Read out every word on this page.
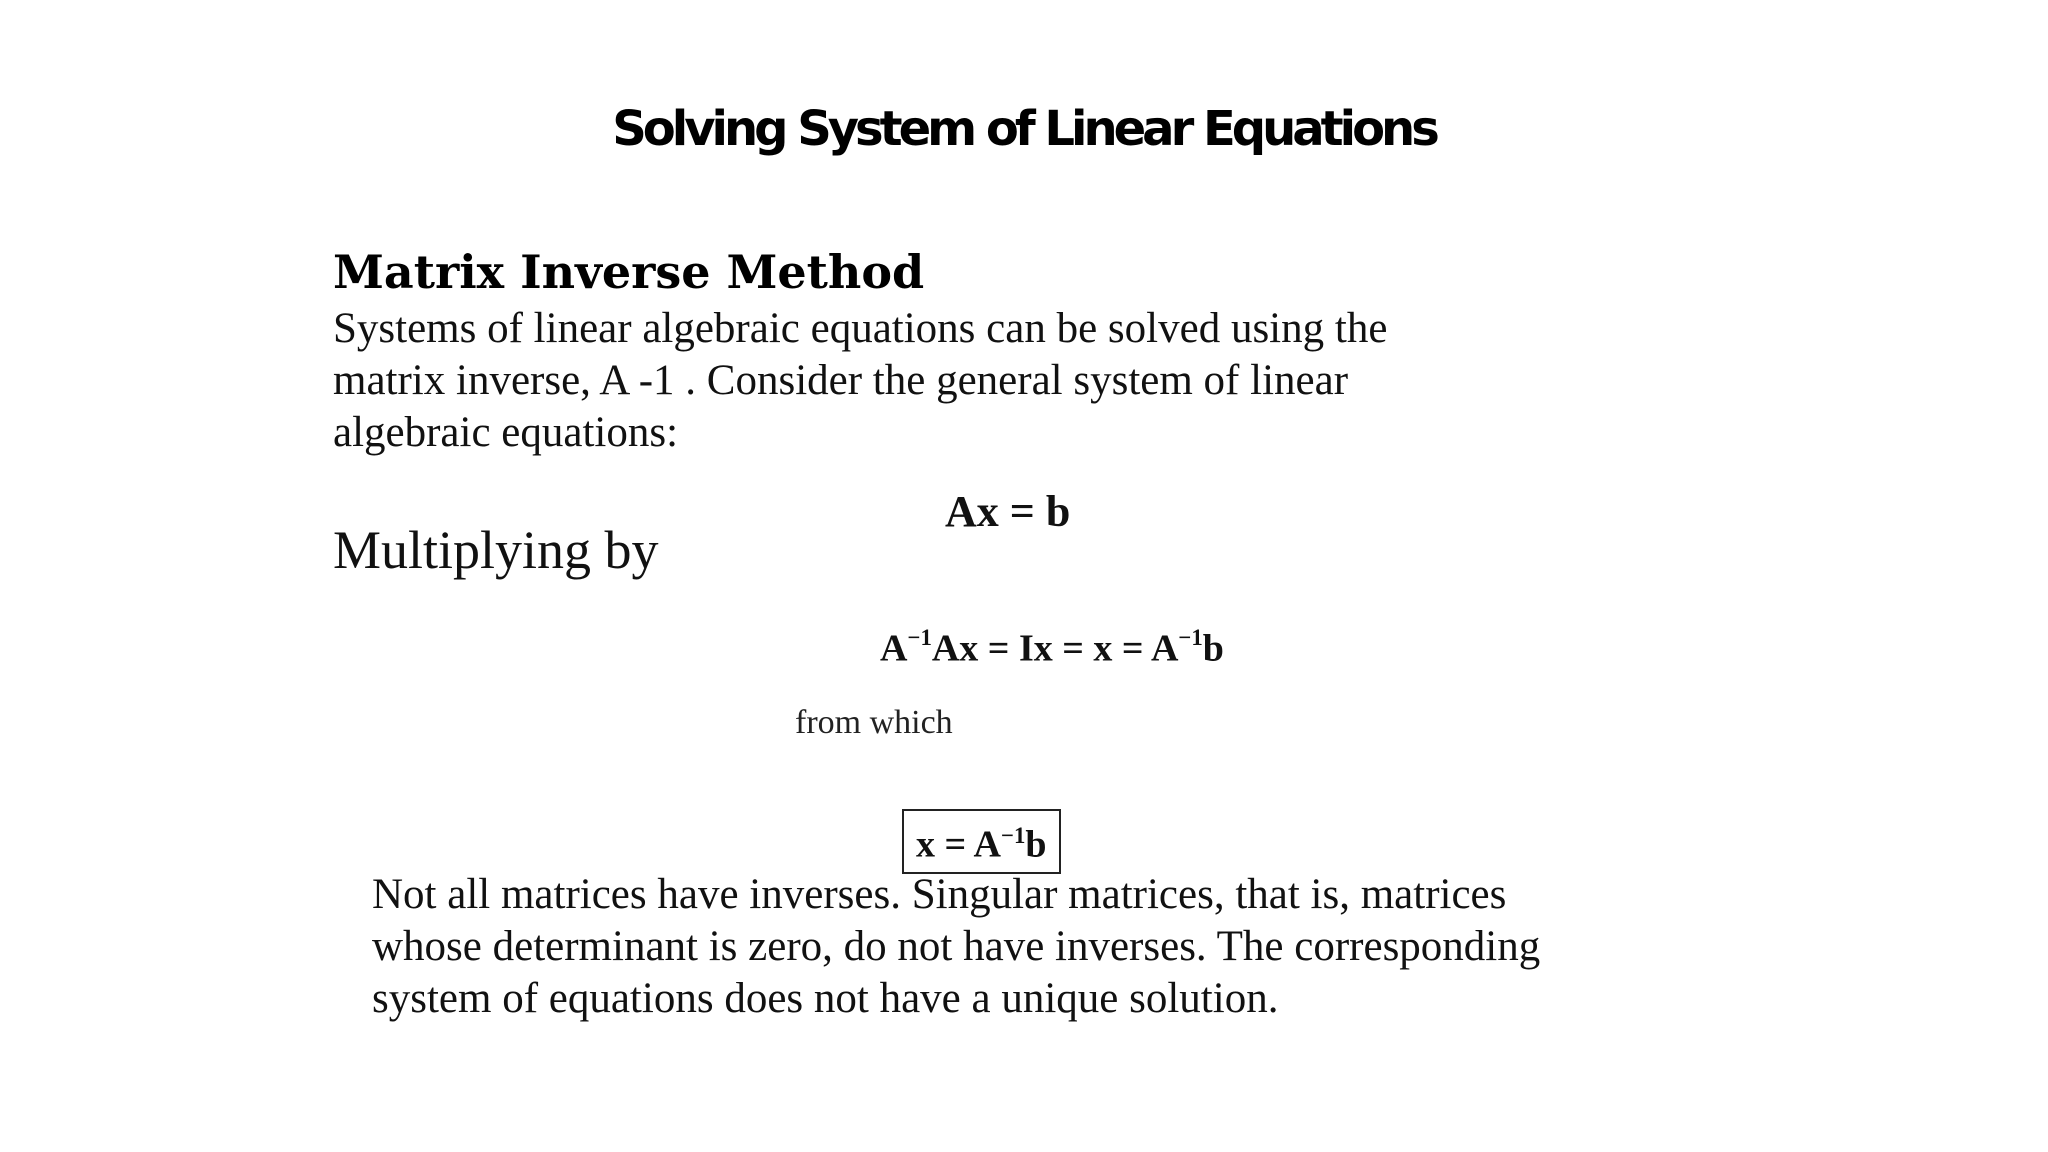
Solving System of Linear Equations
Matrix Inverse Method

Systems of linear algebraic equations can be solved using the
matrix inverse, A -1 . Consider the general system of linear
algebraic equations:

Multiplying by
Ax = b
$A^{-1}Ax = Ix = x = A^{-1}b$
from which
$x = A^{-1}b$

Not all matrices have inverses. Singular matrices, that is, matrices
whose determinant is zero, do not have inverses. The corresponding
system of equations does not have a unique solution.
